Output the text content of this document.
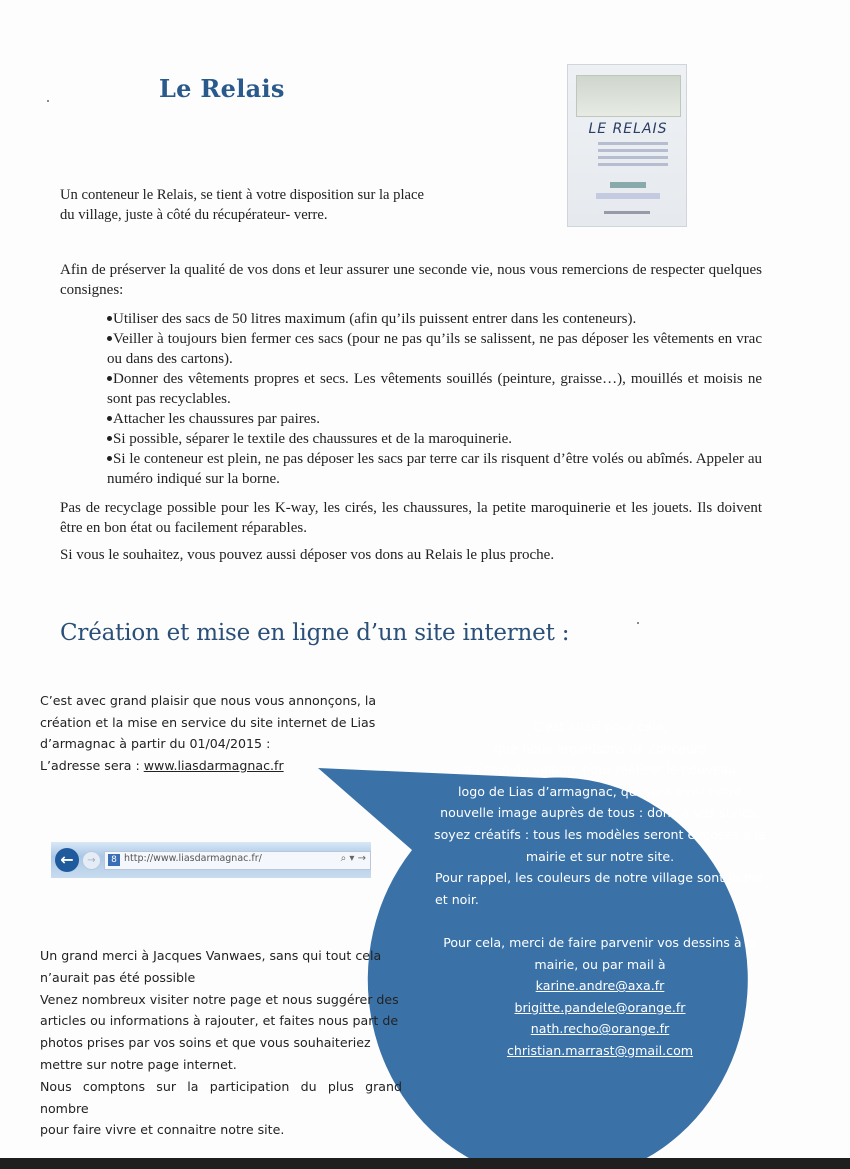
Le Relais
LE RELAIS
Un conteneur le Relais, se tient à votre disposition sur la place
du village, juste à côté du récupérateur- verre.
Afin de préserver la qualité de vos dons et leur assurer une seconde vie, nous vous remercions de respecter quelques consignes:
Utiliser des sacs de 50 litres maximum (afin qu’ils puissent entrer dans les conteneurs).
Veiller à toujours bien fermer ces sacs (pour ne pas qu’ils se salissent, ne pas déposer les vêtements en vrac ou dans des cartons).
Donner des vêtements propres et secs. Les vêtements souillés (peinture, graisse…), mouillés et moisis ne sont pas recyclables.
Attacher les chaussures par paires.
Si possible, séparer le textile des chaussures et de la maroquinerie.
Si le conteneur est plein, ne pas déposer les sacs par terre car ils risquent d’être volés ou abîmés. Appeler au numéro indiqué sur la borne.
Pas de recyclage possible pour les K-way, les cirés, les chaussures, la petite maroquinerie et les jouets. Ils doivent être en bon état ou facilement réparables.
Si vous le souhaitez, vous pouvez aussi déposer vos dons au Relais le plus proche.
Création et mise en ligne d’un site internet :
C’est avec grand plaisir que nous vous annonçons, la
création et la mise en service du site internet de Lias
d’armagnac à partir du 01/04/2015 :
L’adresse sera : www.liasdarmagnac.fr
←	→	8 http://www.liasdarmagnac.fr/	⌕ ▾ →
Un grand merci à Jacques Vanwaes, sans qui tout cela
n’aurait pas été possible
Venez nombreux visiter notre page et nous suggérer des
articles ou informations à rajouter, et faites nous part de
photos prises par vos soins et que vous souhaiteriez
mettre sur notre page internet.
Nous comptons sur la participation du plus grand nombre
pour faire vivre et connaitre notre site.
C’est aussi pour cela,
que nous organisons un concours
au sein du village, pour réaliser le nouveau
logo de Lias d’armagnac, qui sera ainsi notre
nouvelle image auprès de tous : donc à vos stylos,
soyez créatifs : tous les modèles seront exposés à la
mairie et sur notre site.
Pour rappel, les couleurs de notre village sont jaune
et noir.
Pour cela, merci de faire parvenir vos dessins à la
mairie, ou par mail à
karine.andre@axa.fr
brigitte.pandele@orange.fr
nath.recho@orange.fr
christian.marrast@gmail.com
